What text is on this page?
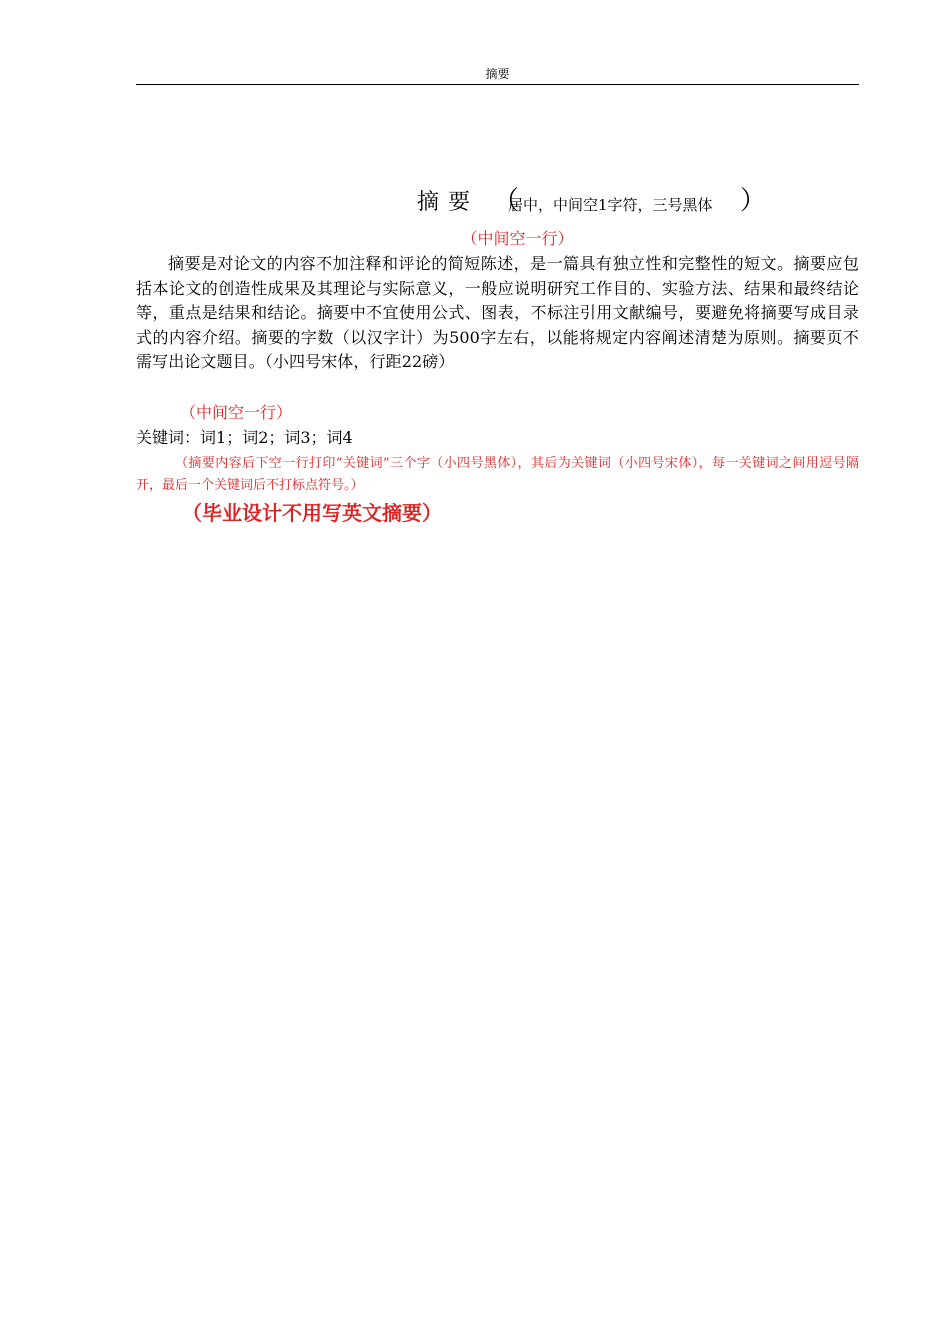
摘要
摘 要 （
居中，中间空1字符，三号黑体 ）
（中间空一行）
摘要是对论文的内容不加注释和评论的简短陈述，是一篇具有独立性和完整性的短文。摘要应包括本论文的创造性成果及其理论与实际意义，一般应说明研究工作目的、实验方法、结果和最终结论等，重点是结果和结论。摘要中不宜使用公式、图表，不标注引用文献编号，要避免将摘要写成目录式的内容介绍。摘要的字数（以汉字计）为500字左右，以能将规定内容阐述清楚为原则。摘要页不需写出论文题目。（小四号宋体，行距22磅）
（中间空一行）
关键词：词1；词2；词3；词4
（摘要内容后下空一行打印“关键词”三个字（小四号黑体），其后为关键词（小四号宋体），每一关键词之间用逗号隔开，最后一个关键词后不打标点符号。）
（毕业设计不用写英文摘要）
